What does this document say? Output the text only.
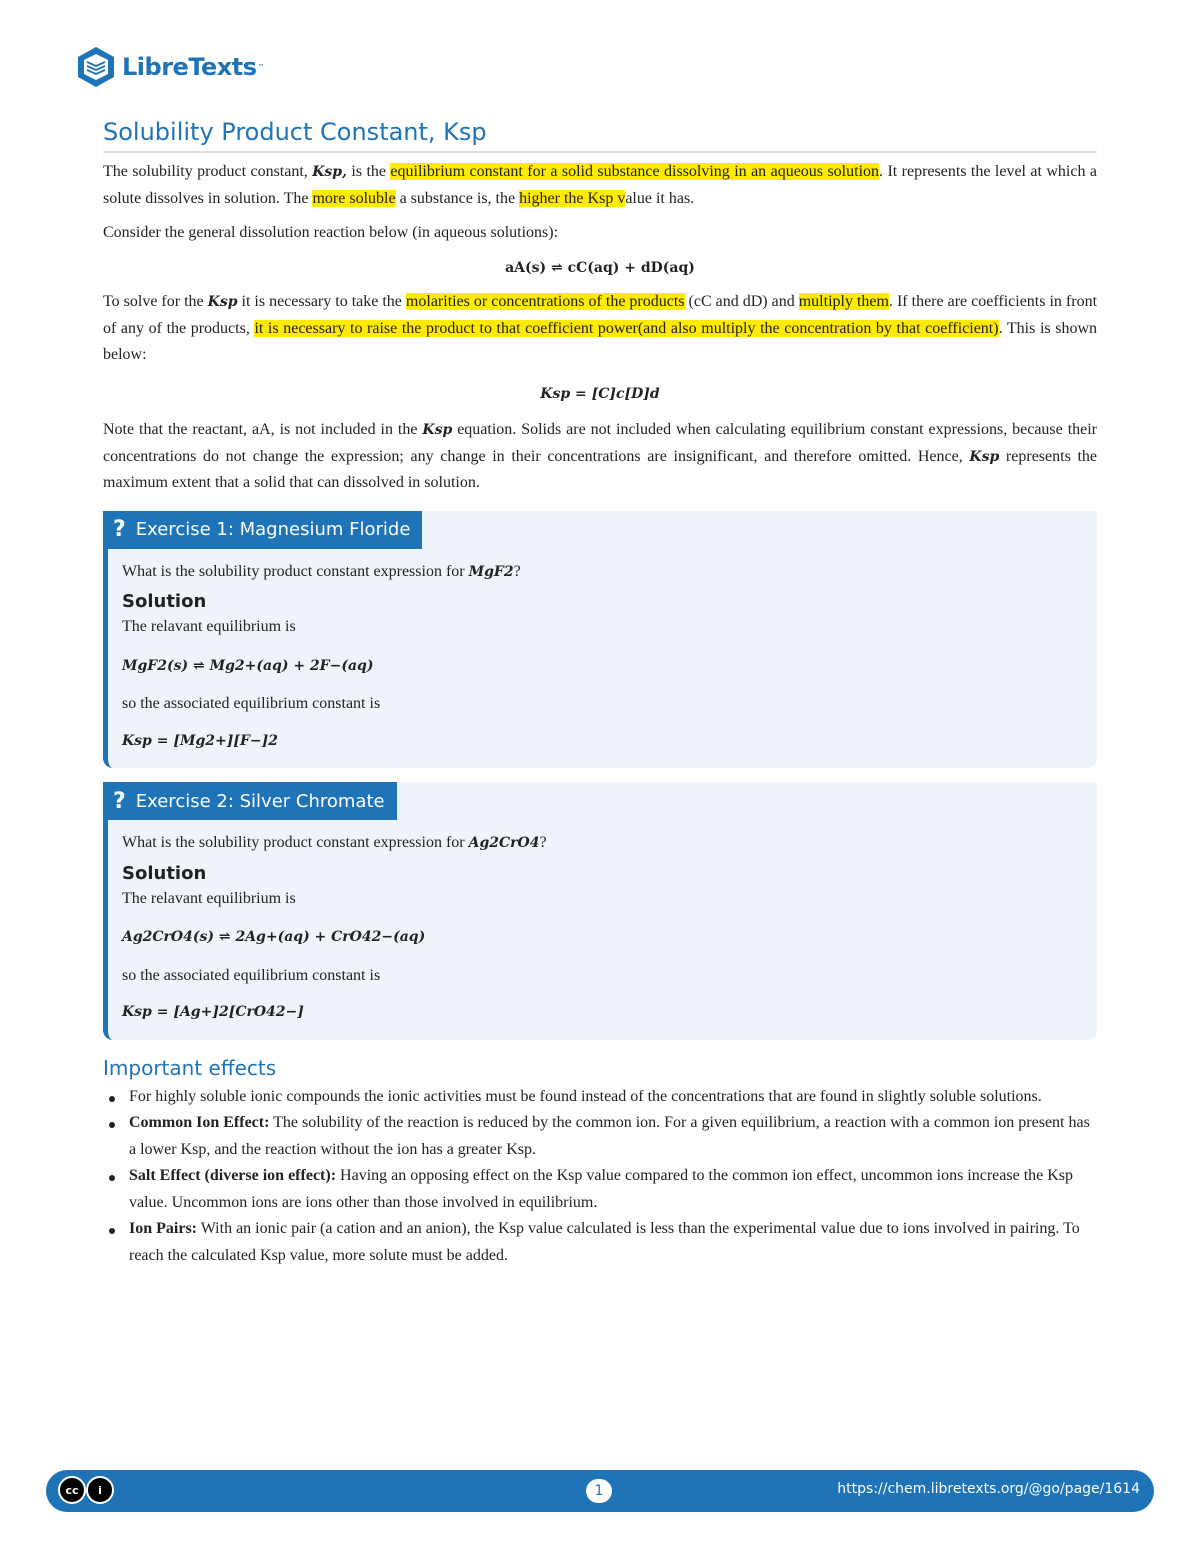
LibreTexts ™
Solubility Product Constant, Ksp

The solubility product constant, Ksp, is the equilibrium constant for a solid substance dissolving in an aqueous solution. It represents the level at which a solute dissolves in solution. The more soluble a substance is, the higher the Ksp value it has.

Consider the general dissolution reaction below (in aqueous solutions):

aA(s) ⇌ cC(aq) + dD(aq)

To solve for the Ksp it is necessary to take the molarities or concentrations of the products (cC and dD) and multiply them. If there are coefficients in front of any of the products, it is necessary to raise the product to that coefficient power(and also multiply the concentration by that coefficient). This is shown below:

Ksp = [C]c[D]d

Note that the reactant, aA, is not included in the Ksp equation. Solids are not included when calculating equilibrium constant expressions, because their concentrations do not change the expression; any change in their concentrations are insignificant, and therefore omitted. Hence, Ksp represents the maximum extent that a solid that can dissolved in solution.

? Exercise 1: Magnesium Floride

What is the solubility product constant expression for MgF2?

Solution

The relavant equilibrium is

MgF2(s) ⇌ Mg2+(aq) + 2F−(aq)

so the associated equilibrium constant is

Ksp = [Mg2+][F−]2

? Exercise 2: Silver Chromate

What is the solubility product constant expression for Ag2CrO4?

Solution

The relavant equilibrium is

Ag2CrO4(s) ⇌ 2Ag+(aq) + CrO42−(aq)

so the associated equilibrium constant is

Ksp = [Ag+]2[CrO42−]

Important effects
For highly soluble ionic compounds the ionic activities must be found instead of the concentrations that are found in slightly soluble solutions.
Common Ion Effect: The solubility of the reaction is reduced by the common ion. For a given equilibrium, a reaction with a common ion present has a lower Ksp, and the reaction without the ion has a greater Ksp.
Salt Effect (diverse ion effect): Having an opposing effect on the Ksp value compared to the common ion effect, uncommon ions increase the Ksp value. Uncommon ions are ions other than those involved in equilibrium.
Ion Pairs: With an ionic pair (a cation and an anion), the Ksp value calculated is less than the experimental value due to ions involved in pairing. To reach the calculated Ksp value, more solute must be added.
cc	i	1	https://chem.libretexts.org/@go/page/1614
